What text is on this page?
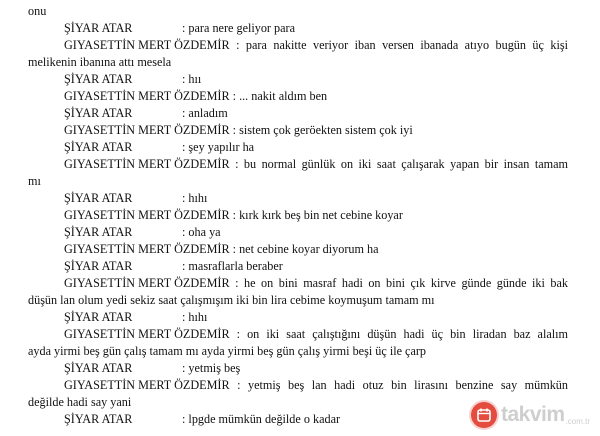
onu
ŞİYAR ATAR	: para nere geliyor para
GIYASETTİN MERT ÖZDEMİR : para nakitte veriyor iban versen ibanada atıyo bugün üç kişi
melikenin ibanına attı mesela
ŞİYAR ATAR	: hıı
GIYASETTİN MERT ÖZDEMİR : ... nakit aldım ben
ŞİYAR ATAR	: anladım
GIYASETTİN MERT ÖZDEMİR : sistem çok geröekten sistem çok iyi
ŞİYAR ATAR	: şey yapılır ha
GIYASETTİN MERT ÖZDEMİR : bu normal günlük on iki saat çalışarak yapan bir insan tamam
mı
ŞİYAR ATAR	: hıhı
GIYASETTİN MERT ÖZDEMİR : kırk kırk beş bin net cebine koyar
ŞİYAR ATAR	: oha ya
GIYASETTİN MERT ÖZDEMİR : net cebine koyar diyorum ha
ŞİYAR ATAR	: masraflarla beraber
GIYASETTİN MERT ÖZDEMİR : he on bini masraf hadi on bini çık kirve günde günde iki bak
düşün lan olum yedi sekiz saat çalışmışım iki bin lira cebime koymuşum tamam mı
ŞİYAR ATAR	: hıhı
GIYASETTİN MERT ÖZDEMİR : on iki saat çalıştığını düşün hadi üç bin liradan baz alalım
ayda yirmi beş gün çalış tamam mı ayda yirmi beş gün çalış yirmi beşi üç ile çarp
ŞİYAR ATAR	: yetmiş beş
GIYASETTİN MERT ÖZDEMİR : yetmiş beş lan hadi otuz bin lirasını benzine say mümkün
değilde hadi say yani
ŞİYAR ATAR	: lpgde mümkün değilde o kadar	takvim .com.tr
